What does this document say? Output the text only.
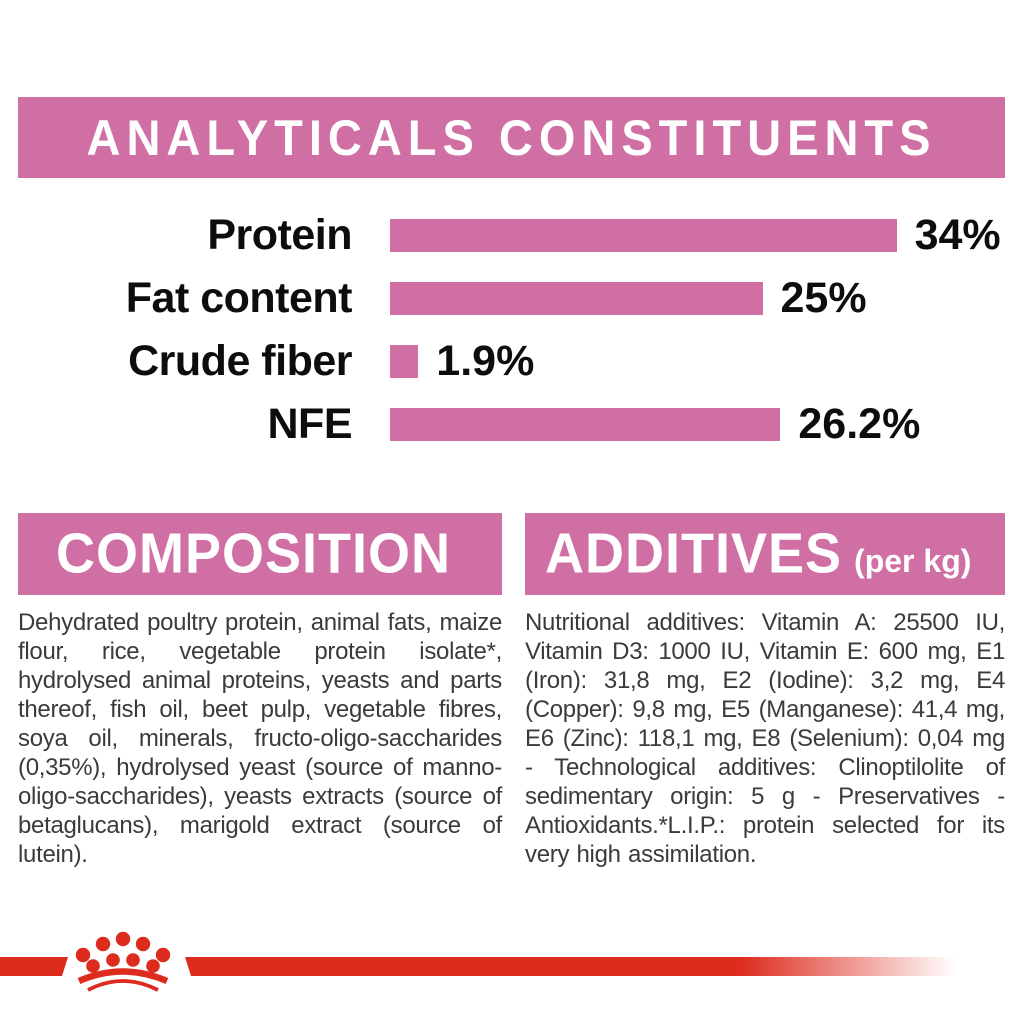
ANALYTICALS CONSTITUENTS
Protein	34%
Fat content	25%
Crude fiber 1.9%
NFE	26.2%
COMPOSITION
Dehydrated poultry protein, animal fats, maize flour, rice, vegetable protein isolate*, hydrolysed animal proteins, yeasts and parts thereof, fish oil, beet pulp, vegetable fibres, soya oil, minerals, fructo-oligo-saccharides (0,35%), hydrolysed yeast (source of manno-oligo-saccharides), yeasts extracts (source of betaglucans), marigold extract (source of lutein).
ADDITIVES (per kg)
Nutritional additives: Vitamin A: 25500 IU, Vitamin D3: 1000 IU, Vitamin E: 600 mg, E1 (Iron): 31,8 mg, E2 (Iodine): 3,2 mg, E4 (Copper): 9,8 mg, E5 (Manganese): 41,4 mg, E6 (Zinc): 118,1 mg, E8 (Selenium): 0,04 mg - Technological additives: Clinoptilolite of sedimentary origin: 5 g - Preservatives - Antioxidants.*L.I.P.: protein selected for its very high assimilation.
